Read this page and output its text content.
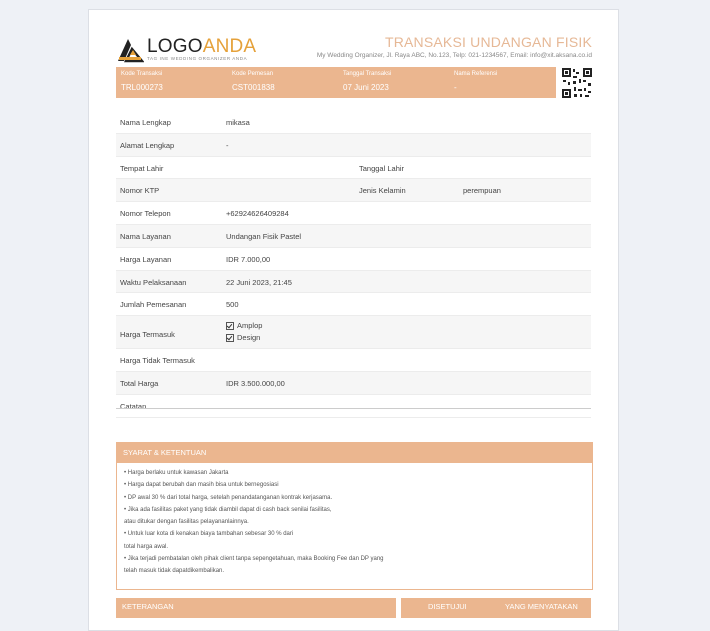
LOGOANDA
TAG INE WEDDING ORGANIZER ANDA
TRANSAKSI UNDANGAN FISIK
My Wedding Organizer, Jl. Raya ABC, No.123, Telp: 021-1234567, Email: info@xit.aksana.co.id
Kode Transaksi
TRL000273
Kode Pemesan
CST001838
Tanggal Transaksi
07 Juni 2023
Nama Referensi
-
Nama Lengkap	mikasa
Alamat Lengkap	-
Tempat Lahir	Tanggal Lahir
Nomor KTP	Jenis Kelamin	perempuan
Nomor Telepon	+62924626409284
Nama Layanan	Undangan Fisik Pastel
Harga Layanan	IDR 7.000,00
Waktu Pelaksanaan	22 Juni 2023, 21:45
Jumlah Pemesanan	500
Harga Termasuk
Amplop
Design
Harga Tidak Termasuk
Total Harga	IDR 3.500.000,00
Catatan
SYARAT & KETENTUAN
• Harga berlaku untuk kawasan Jakarta
• Harga dapat berubah dan masih bisa untuk bernegosiasi
• DP awal 30 % dari total harga, setelah penandatanganan kontrak kerjasama.
• Jika ada fasilitas paket yang tidak diambil dapat di cash back senilai fasilitas,
atau ditukar dengan fasilitas pelayananlainnya.
• Untuk luar kota di kenakan biaya tambahan sebesar 30 % dari
total harga awal.
• Jika terjadi pembatalan oleh pihak client tanpa sepengetahuan, maka Booking Fee dan DP yang
telah masuk tidak dapatdikembalikan.
KETERANGAN	DISETUJUI	YANG MENYATAKAN
